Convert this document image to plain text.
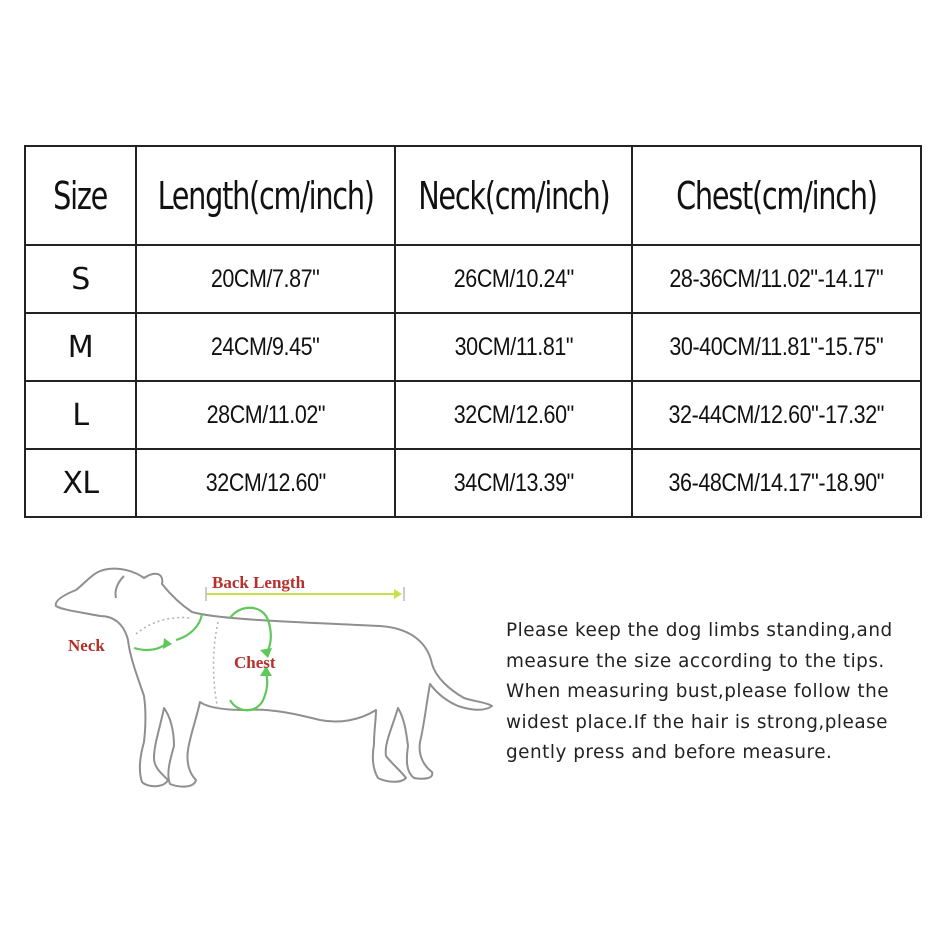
Size	Length(cm/inch)	Neck(cm/inch)	Chest(cm/inch)
S	20CM/7.87"	26CM/10.24"	28-36CM/11.02"-14.17"
M	24CM/9.45"	30CM/11.81"	30-40CM/11.81"-15.75"
L	28CM/11.02"	32CM/12.60"	32-44CM/12.60"-17.32"
XL	32CM/12.60"	34CM/13.39"	36-48CM/14.17"-18.90"
Back Length
Neck
Chest

Please keep the dog limbs standing,and

measure the size according to the tips.

When measuring bust,please follow the

widest place.If the hair is strong,please

gently press and before measure.
